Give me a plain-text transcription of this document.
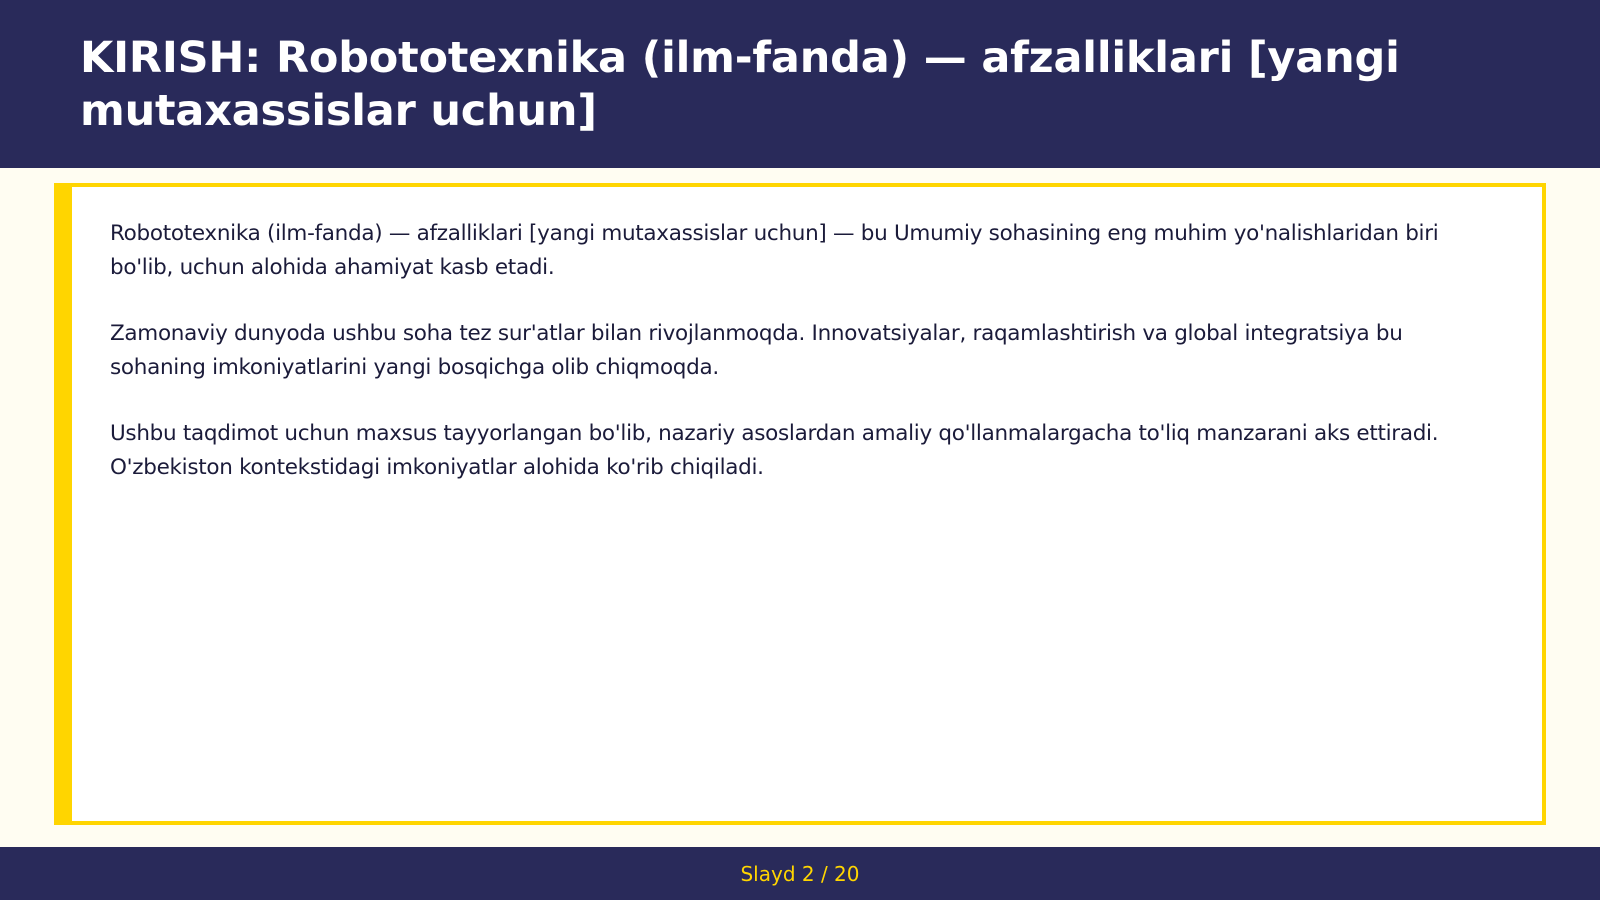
KIRISH: Robototexnika (ilm-fanda) — afzalliklari [yangi mutaxassislar uchun]

Robototexnika (ilm-fanda) — afzalliklari [yangi mutaxassislar uchun] — bu Umumiy sohasining eng muhim yo'nalishlaridan biri bo'lib, uchun alohida ahamiyat kasb etadi.

Zamonaviy dunyoda ushbu soha tez sur'atlar bilan rivojlanmoqda. Innovatsiyalar, raqamlashtirish va global integratsiya bu sohaning imkoniyatlarini yangi bosqichga olib chiqmoqda.

Ushbu taqdimot uchun maxsus tayyorlangan bo'lib, nazariy asoslardan amaliy qo'llanmalargacha to'liq manzarani aks ettiradi. O'zbekiston kontekstidagi imkoniyatlar alohida ko'rib chiqiladi.

Slayd 2 / 20
